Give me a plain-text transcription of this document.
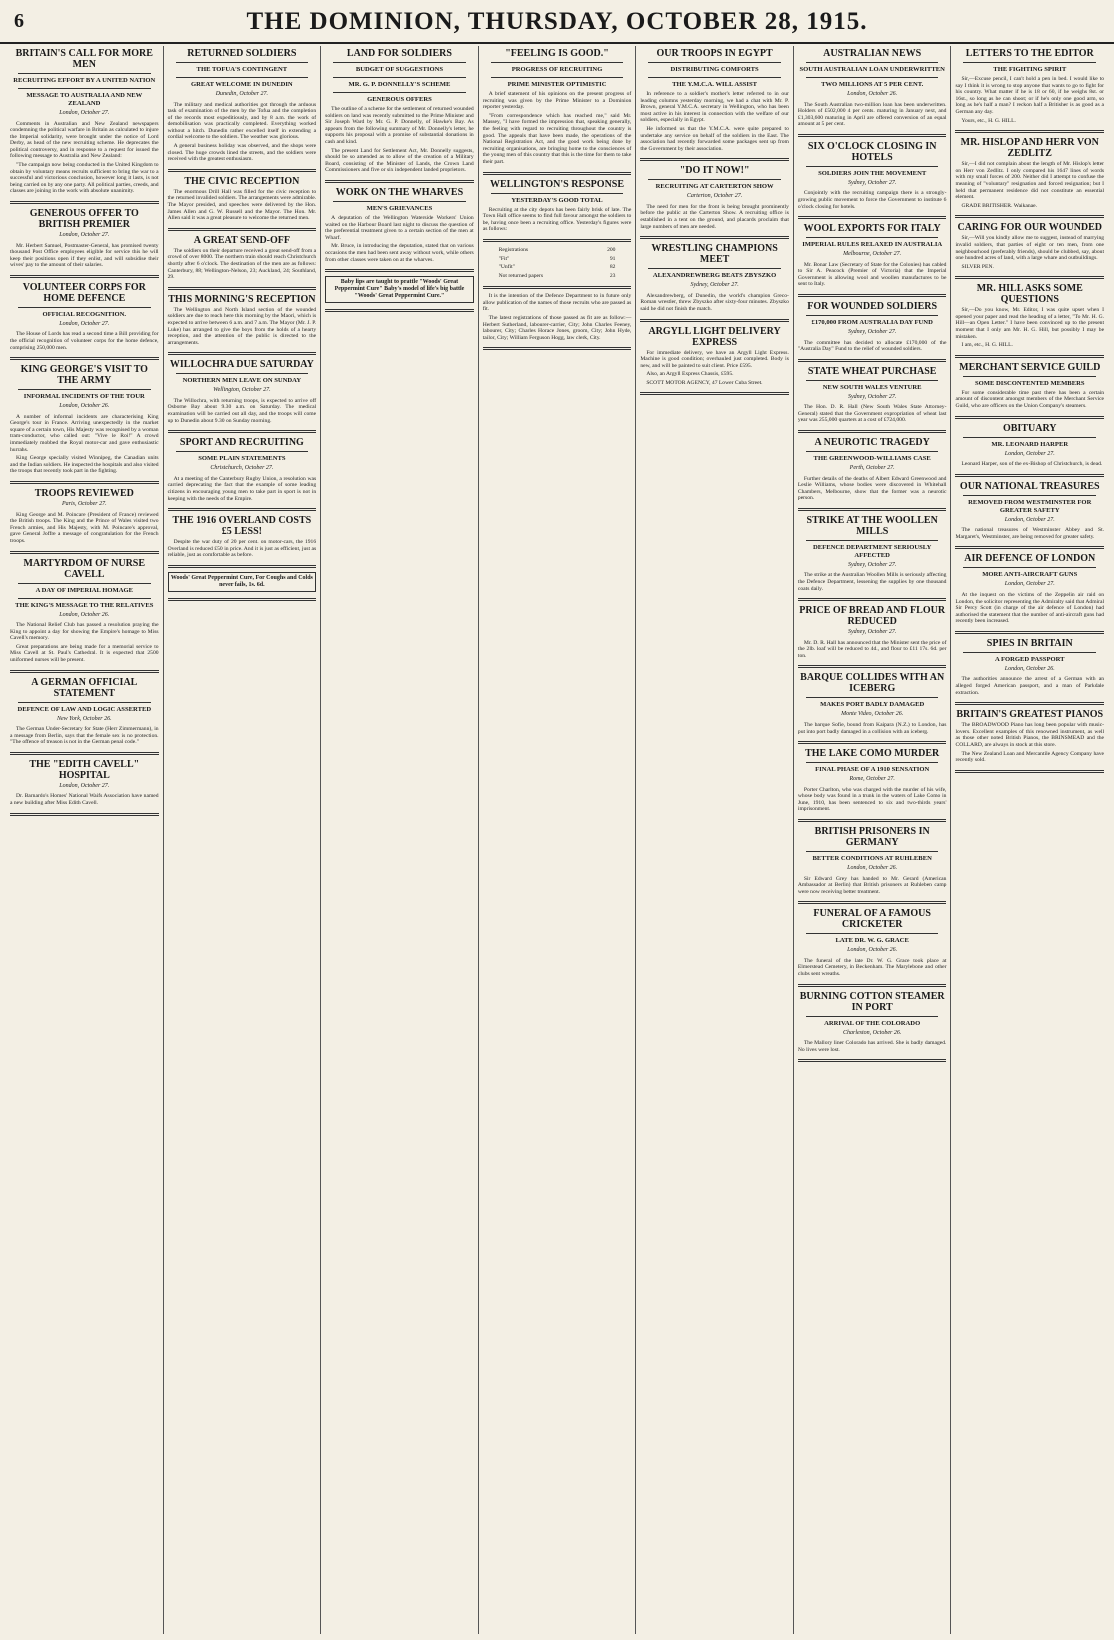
6	THE DOMINION, THURSDAY, OCTOBER 28, 1915.
BRITAIN'S CALL FOR MORE MEN
RECRUITING EFFORT BY A UNITED NATION
MESSAGE TO AUSTRALIA AND NEW ZEALAND
London, October 27.

Comments in Australian and New Zealand newspapers condemning the political warfare in Britain as calculated to injure the Imperial solidarity, were brought under the notice of Lord Derby, as head of the new recruiting scheme. He deprecates the political controversy, and in response to a request for issued the following message to Australia and New Zealand:

"The campaign now being conducted in the United Kingdom to obtain by voluntary means recruits sufficient to bring the war to a successful and victorious conclusion, however long it lasts, is not being carried on by any one party. All political parties, creeds, and classes are joining in the work with absolute unanimity.

GENEROUS OFFER TO BRITISH PREMIER
London, October 27.

Mr. Herbert Samuel, Postmaster-General, has promised twenty thousand Post Office employees eligible for service this he will keep their positions open if they enlist, and will subsidise their wives' pay to the amount of their salaries.

VOLUNTEER CORPS FOR HOME DEFENCE
OFFICIAL RECOGNITION.
London, October 27.

The House of Lords has read a second time a Bill providing for the official recognition of volunteer corps for the home defence, comprising 250,000 men.

KING GEORGE'S VISIT TO THE ARMY
INFORMAL INCIDENTS OF THE TOUR
London, October 26.

A number of informal incidents are characterising King George's tour in France. Arriving unexpectedly in the market square of a certain town, His Majesty was recognised by a woman tram-conductor, who called out: "Vive le Roi!" A crowd immediately mobbed the Royal motor-car and gave enthusiastic hurrahs.

King George specially visited Winnipeg, the Canadian units and the Indian soldiers. He inspected the hospitals and also visited the troops that recently took part in the fighting.

TROOPS REVIEWED
Paris, October 27.

King George and M. Poincare (President of France) reviewed the British troops. The King and the Prince of Wales visited two French armies, and His Majesty, with M. Poincare's approval, gave General Joffre a message of congratulation for the French troops.

MARTYRDOM OF NURSE CAVELL
A DAY OF IMPERIAL HOMAGE
THE KING'S MESSAGE TO THE RELATIVES
London, October 26.

The National Relief Club has passed a resolution praying the King to appoint a day for showing the Empire's homage to Miss Cavell's memory.

Great preparations are being made for a memorial service to Miss Cavell at St. Paul's Cathedral. It is expected that 2500 uniformed nurses will be present.

A GERMAN OFFICIAL STATEMENT
DEFENCE OF LAW AND LOGIC ASSERTED
New York, October 26.

The German Under-Secretary for State (Herr Zimmermann), in a message from Berlin, says that the female sex is no protection. "The offence of treason is not in the German penal code."

THE "EDITH CAVELL" HOSPITAL
London, October 27.

Dr. Barnardo's Homes' National Waifs Association have named a new building after Miss Edith Cavell.

RETURNED SOLDIERS
THE TOFUA'S CONTINGENT
GREAT WELCOME IN DUNEDIN
Dunedin, October 27.

The military and medical authorities got through the arduous task of examination of the men by the Tofua and the completion of the records most expeditiously, and by 8 a.m. the work of demobilisation was practically completed. Everything worked without a hitch. Dunedin rather excelled itself in extending a cordial welcome to the soldiers. The weather was glorious.

A general business holiday was observed, and the shops were closed. The huge crowds lined the streets, and the soldiers were received with the greatest enthusiasm.

THE CIVIC RECEPTION

The enormous Drill Hall was filled for the civic reception to the returned invalided soldiers. The arrangements were admirable. The Mayor presided, and speeches were delivered by the Hon. James Allen and G. W. Russell and the Mayor. The Hon. Mr. Allen said it was a great pleasure to welcome the returned men.

A GREAT SEND-OFF

The soldiers on their departure received a great send-off from a crowd of over 8000. The northern train should reach Christchurch shortly after 6 o'clock. The destination of the men are as follows: Canterbury, 88; Wellington-Nelson, 23; Auckland, 24; Southland, 29.

THIS MORNING'S RECEPTION

The Wellington and North Island section of the wounded soldiers are due to reach here this morning by the Maori, which is expected to arrive between 6 a.m. and 7 a.m. The Mayor (Mr. J. P. Luke) has arranged to give the boys from the holds of a hearty reception, and the attention of the public is directed to the arrangements.

WILLOCHRA DUE SATURDAY
NORTHERN MEN LEAVE ON SUNDAY
Wellington, October 27.

The Willochra, with returning troops, is expected to arrive off Osborne Bay about 9.30 a.m. on Saturday. The medical examination will be carried out all day, and the troops will come up to Dunedin about 9.30 on Sunday morning.

SPORT AND RECRUITING
SOME PLAIN STATEMENTS
Christchurch, October 27.

At a meeting of the Canterbury Rugby Union, a resolution was carried deprecating the fact that the example of some leading citizens in encouraging young men to take part in sport is not in keeping with the needs of the Empire.

THE 1916 OVERLAND COSTS £5 LESS!

Despite the war duty of 20 per cent. on motor-cars, the 1916 Overland is reduced £50 in price. And it is just as efficient, just as reliable, just as comfortable as before.

Woods' Great Peppermint Cure, For Coughs and Colds never fails, 1s. 6d.
LAND FOR SOLDIERS
BUDGET OF SUGGESTIONS
MR. G. P. DONNELLY'S SCHEME
GENEROUS OFFERS

The outline of a scheme for the settlement of returned wounded soldiers on land was recently submitted to the Prime Minister and Sir Joseph Ward by Mr. G. P. Donnelly, of Hawke's Bay. As appears from the following summary of Mr. Donnelly's letter, he supports his proposal with a promise of substantial donations in cash and kind.

The present Land for Settlement Act, Mr. Donnelly suggests, should be so amended as to allow of the creation of a Military Board, consisting of the Minister of Lands, the Crown Land Commissioners and five or six independent landed proprietors.

WORK ON THE WHARVES
MEN'S GRIEVANCES

A deputation of the Wellington Waterside Workers' Union waited on the Harbour Board last night to discuss the question of the preferential treatment given to a certain section of the men at Wharf.

Mr. Bruce, in introducing the deputation, stated that on various occasions the men had been sent away without work, while others from other classes were taken on at the wharves.

Baby lips are taught to prattle "Woods' Great Peppermint Cure" Baby's model of life's big battle "Woods' Great Peppermint Cure."
"FEELING IS GOOD."
PROGRESS OF RECRUITING
PRIME MINISTER OPTIMISTIC

A brief statement of his opinions on the present progress of recruiting was given by the Prime Minister to a Dominion reporter yesterday.

"From correspondence which has reached me," said Mr. Massey, "I have formed the impression that, speaking generally, the feeling with regard to recruiting throughout the country is good. The appeals that have been made, the operations of the National Registration Act, and the good work being done by recruiting organisations, are bringing home to the consciences of the young men of this country that this is the time for them to take their part.

WELLINGTON'S RESPONSE
YESTERDAY'S GOOD TOTAL

Recruiting at the city depots has been fairly brisk of late. The Town Hall office seems to find full favour amongst the soldiers to be, having once been a recruiting office. Yesterday's figures were as follows:

Registrations	200
"Fit"	91
"Unfit"	82
Not returned papers	23

It is the intention of the Defence Department to in future only allow publication of the names of those recruits who are passed as fit.

The latest registrations of those passed as fit are as follow:— Herbert Sutherland, labourer-carrier, City; John Charles Feeney, labourer, City; Charles Horace Jones, groom, City; John Hyde, tailor, City; William Ferguson Hogg, law clerk, City.

OUR TROOPS IN EGYPT
DISTRIBUTING COMFORTS
THE Y.M.C.A. WILL ASSIST

In reference to a soldier's mother's letter referred to in our leading columns yesterday morning, we had a chat with Mr. P. Brown, general Y.M.C.A. secretary in Wellington, who has been most active in his interest in connection with the welfare of our soldiers, especially in Egypt.

He informed us that the Y.M.C.A. were quite prepared to undertake any service on behalf of the soldiers in the East. The association had recently forwarded some packages sent up from the Government by their association.

"DO IT NOW!"
RECRUITING AT CARTERTON SHOW
Carterton, October 27.

The need for men for the front is being brought prominently before the public at the Carterton Show. A recruiting office is established in a tent on the ground, and placards proclaim that large numbers of men are needed.

WRESTLING CHAMPIONS MEET
ALEXANDREWBERG BEATS ZBYSZKO
Sydney, October 27.

Alexandrewberg, of Dunedin, the world's champion Greco-Roman wrestler, threw Zbyszko after sixty-four minutes. Zbyszko said he did not finish the match.

ARGYLL LIGHT DELIVERY EXPRESS

For immediate delivery, we have an Argyll Light Express. Machine is good condition; overhauled just completed. Body is new, and will be painted to suit client. Price £595.

Also, an Argyll Express Chassis, £595.

SCOTT MOTOR AGENCY, 47 Lower Cuba Street.

AUSTRALIAN NEWS
SOUTH AUSTRALIAN LOAN UNDERWRITTEN
TWO MILLIONS AT 5 PER CENT.
London, October 26.

The South Australian two-million loan has been underwritten. Holders of £502,000 4 per cents. maturing in January next, and £1,303,600 maturing in April are offered conversion of an equal amount at 5 per cent.

SIX O'CLOCK CLOSING IN HOTELS
SOLDIERS JOIN THE MOVEMENT
Sydney, October 27.

Conjointly with the recruiting campaign there is a strongly-growing public movement to force the Government to institute 6 o'clock closing for hotels.

WOOL EXPORTS FOR ITALY
IMPERIAL RULES RELAXED IN AUSTRALIA
Melbourne, October 27.

Mr. Bonar Law (Secretary of State for the Colonies) has cabled to Sir A. Peacock (Premier of Victoria) that the Imperial Government is allowing wool and woollen manufactures to be sent to Italy.

FOR WOUNDED SOLDIERS
£170,000 FROM AUSTRALIA DAY FUND
Sydney, October 27.

The committee has decided to allocate £170,000 of the "Australia Day" Fund to the relief of wounded soldiers.

STATE WHEAT PURCHASE
NEW SOUTH WALES VENTURE
Sydney, October 27.

The Hon. D. R. Hall (New South Wales State Attorney-General) stated that the Government expropriation of wheat last year was 255,000 quarters at a cost of £724,000.

A NEUROTIC TRAGEDY
THE GREENWOOD-WILLIAMS CASE
Perth, October 27.

Further details of the deaths of Albert Edward Greenwood and Leslie Williams, whose bodies were discovered in Whitehall Chambers, Melbourne, show that the former was a neurotic person.

STRIKE AT THE WOOLLEN MILLS
DEFENCE DEPARTMENT SERIOUSLY AFFECTED
Sydney, October 27.

The strike at the Australian Woollen Mills is seriously affecting the Defence Department, lessening the supplies by one thousand coats daily.

PRICE OF BREAD AND FLOUR REDUCED
Sydney, October 27.

Mr. D. R. Hall has announced that the Minister sent the price of the 2lb. loaf will be reduced to 4d., and flour to £11 17s. 6d. per ton.

BARQUE COLLIDES WITH AN ICEBERG
MAKES PORT BADLY DAMAGED
Monte Video, October 26.

The barque Sofie, bound from Kaipara (N.Z.) to London, has put into port badly damaged in a collision with an iceberg.

THE LAKE COMO MURDER
FINAL PHASE OF A 1910 SENSATION
Rome, October 27.

Porter Charlton, who was charged with the murder of his wife, whose body was found in a trunk in the waters of Lake Como in June, 1910, has been sentenced to six and two-thirds years' imprisonment.

BRITISH PRISONERS IN GERMANY
BETTER CONDITIONS AT RUHLEBEN
London, October 26.

Sir Edward Grey has handed to Mr. Gerard (American Ambassador at Berlin) that British prisoners at Ruhleben camp were now receiving better treatment.

FUNERAL OF A FAMOUS CRICKETER
LATE DR. W. G. GRACE
London, October 26.

The funeral of the late Dr. W. G. Grace took place at Elmerstead Cemetery, in Beckenham. The Marylebone and other clubs sent wreaths.

BURNING COTTON STEAMER IN PORT
ARRIVAL OF THE COLORADO
Charleston, October 26.

The Mallory liner Colorado has arrived. She is badly damaged. No lives were lost.

LETTERS TO THE EDITOR
THE FIGHTING SPIRIT

Sir,—Excuse pencil, I can't hold a pen in bed. I would like to say I think it is wrong to stop anyone that wants to go to fight for his country. What matter if he is 18 or 60, if he weighs 8st. or 16st., so long as he can shoot; or if he's only one good arm, so long as he's half a man? I reckon half a Britisher is as good as a German any day.

Yours, etc., H. G. HILL.

MR. HISLOP AND HERR VON ZEDLITZ

Sir,—I did not complain about the length of Mr. Hislop's letter on Herr von Zedlitz. I only compared his 1647 lines of words with my small forces of 200. Neither did I attempt to confuse the meaning of "voluntary" resignation and forced resignation; but I held that permanent residence did not constitute an essential element.

GRADE BRITISHER. Waikanae.

CARING FOR OUR WOUNDED

Sir,—Will you kindly allow me to suggest, instead of marrying invalid soldiers, that parties of eight or ten men, from one neighbourhood (preferably friends), should be clubbed, say, about one hundred acres of land, with a large whare and outbuildings.

SILVER PEN.

MR. HILL ASKS SOME QUESTIONS

Sir,—Do you know, Mr. Editor, I was quite upset when I opened your paper and read the heading of a letter, "To Mr. H. G. Hill—an Open Letter." I have been convinced up to the present moment that I only am Mr. H. G. Hill, but possibly I may be mistaken.

I am, etc., H. G. HILL.

MERCHANT SERVICE GUILD
SOME DISCONTENTED MEMBERS

For some considerable time past there has been a certain amount of discontent amongst members of the Merchant Service Guild, who are officers on the Union Company's steamers.

OBITUARY
MR. LEONARD HARPER
London, October 27.

Leonard Harper, son of the ex-Bishop of Christchurch, is dead.

OUR NATIONAL TREASURES
REMOVED FROM WESTMINSTER FOR GREATER SAFETY
London, October 27.

The national treasures of Westminster Abbey and St. Margaret's, Westminster, are being removed for greater safety.

AIR DEFENCE OF LONDON
MORE ANTI-AIRCRAFT GUNS
London, October 27.

At the inquest on the victims of the Zeppelin air raid on London, the solicitor representing the Admiralty said that Admiral Sir Percy Scott (in charge of the air defence of London) had authorised the statement that the number of anti-aircraft guns had recently been increased.

SPIES IN BRITAIN
A FORGED PASSPORT
London, October 26.

The authorities announce the arrest of a German with an alleged forged American passport, and a man of Parkdale extraction.

BRITAIN'S GREATEST PIANOS

The BROADWOOD Piano has long been popular with music-lovers. Excellent examples of this renowned instrument, as well as those other noted British Pianos, the BRINSMEAD and the COLLARD, are always in stock at this store.

The New Zealand Loan and Mercantile Agency Company have recently sold.
